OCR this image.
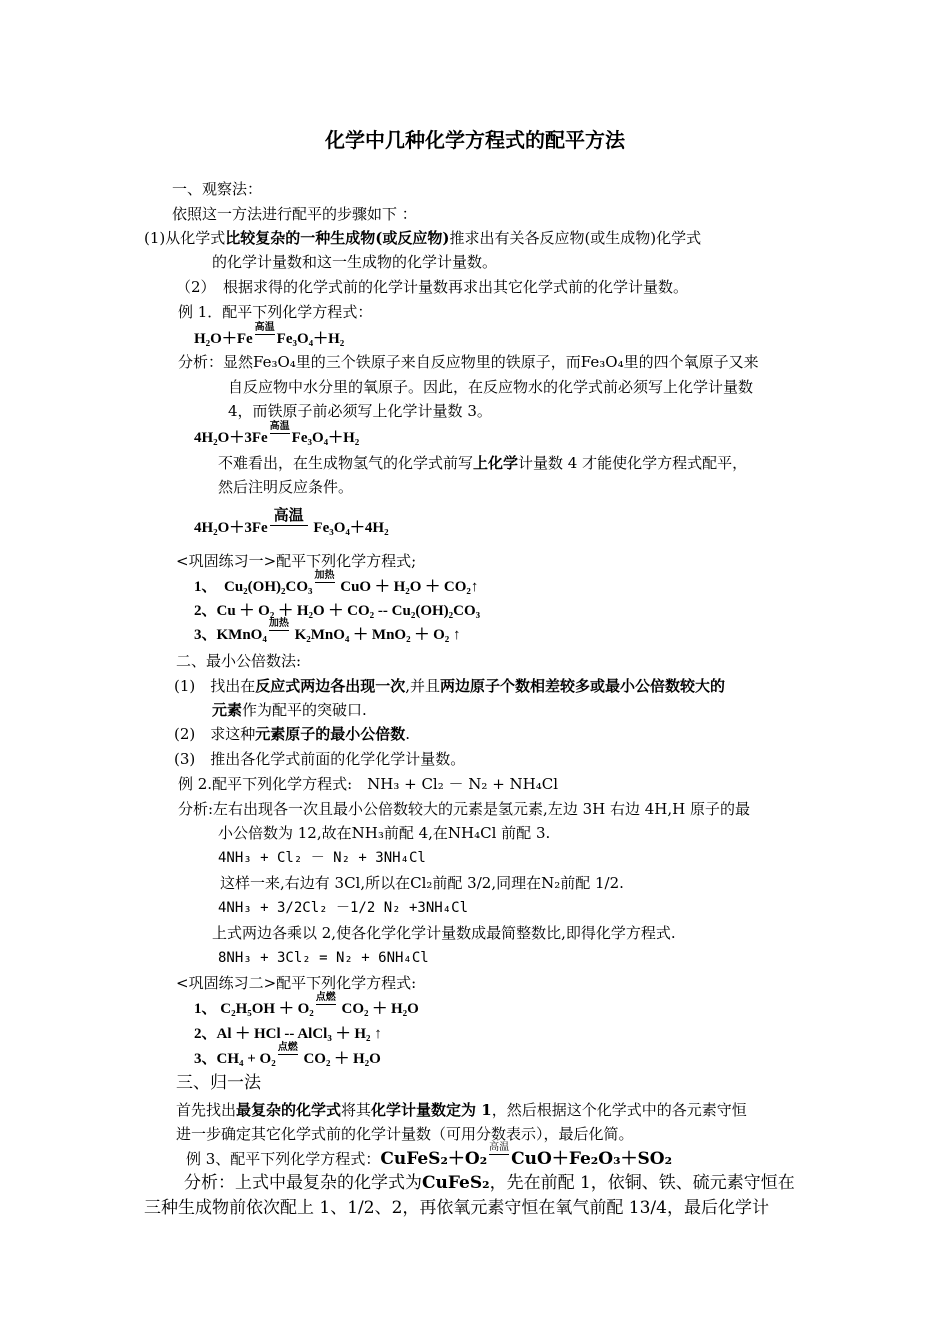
化学中几种化学方程式的配平方法
一、观察法：
依照这一方法进行配平的步骤如下 ：
(1)从化学式比较复杂的一种生成物(或反应物)推求出有关各反应物(或生成物)化学式
的化学计量数和这一生成物的化学计量数。
（2）　根据求得的化学式前的化学计量数再求出其它化学式前的化学计量数。
例 1．配平下列化学方程式：
H₂O＋Fe高温Fe₃O₄＋H₂
分析：显然Fe₃O₄里的三个铁原子来自反应物里的铁原子，而Fe₃O₄里的四个氧原子又来
自反应物中水分里的氧原子。因此，在反应物水的化学式前必须写上化学计量数
4，而铁原子前必须写上化学计量数 3。
4H₂O＋3Fe高温Fe₃O₄＋H₂
不难看出，在生成物氢气的化学式前写上化学计量数 4 才能使化学方程式配平，
然后注明反应条件。
4H₂O＋3Fe高温 Fe₃O₄＋4H₂
<巩固练习一>配平下列化学方程式;
1、　Cu₂(OH)₂CO₃加热 CuO ＋ H₂O ＋ CO₂↑
2、Cu ＋ O₂ ＋ H₂O ＋ CO₂ -- Cu₂(OH)₂CO₃
3、KMnO₄加热 K₂MnO₄ ＋ MnO₂ ＋ O₂ ↑
二、最小公倍数法:
(1)　找出在反应式两边各出现一次,并且两边原子个数相差较多或最小公倍数较大的
元素作为配平的突破口.
(2)　求这种元素原子的最小公倍数.
(3)　推出各化学式前面的化学化学计量数。
例 2.配平下列化学方程式:　NH₃ + Cl₂ － N₂ + NH₄Cl
分析:左右出现各一次且最小公倍数较大的元素是氢元素,左边 3H 右边 4H,H 原子的最
小公倍数为 12,故在NH₃前配 4,在NH₄Cl 前配 3.
4NH₃ + Cl₂ － N₂ + 3NH₄Cl
这样一来,右边有 3Cl,所以在Cl₂前配 3/2,同理在N₂前配 1/2.
4NH₃ + 3/2Cl₂ －1/2 N₂ +3NH₄Cl
上式两边各乘以 2,使各化学化学计量数成最简整数比,即得化学方程式.
8NH₃ + 3Cl₂ = N₂ + 6NH₄Cl
<巩固练习二>配平下列化学方程式:
1、 C₂H₅OH ＋ O₂点燃 CO₂ ＋ H₂O
2、Al ＋ HCl -- AlCl₃ ＋ H₂ ↑
3、CH₄ + O₂点燃 CO₂ ＋ H₂O
三、归一法
首先找出最复杂的化学式将其化学计量数定为 1，然后根据这个化学式中的各元素守恒
进一步确定其它化学式前的化学计量数（可用分数表示），最后化简。
例 3、配平下列化学方程式：CuFeS₂＋O₂高温CuO＋Fe₂O₃＋SO₂
分析：上式中最复杂的化学式为CuFeS₂，先在前配 1，依铜、铁、硫元素守恒在
三种生成物前依次配上 1、1/2、2，再依氧元素守恒在氧气前配 13/4，最后化学计
